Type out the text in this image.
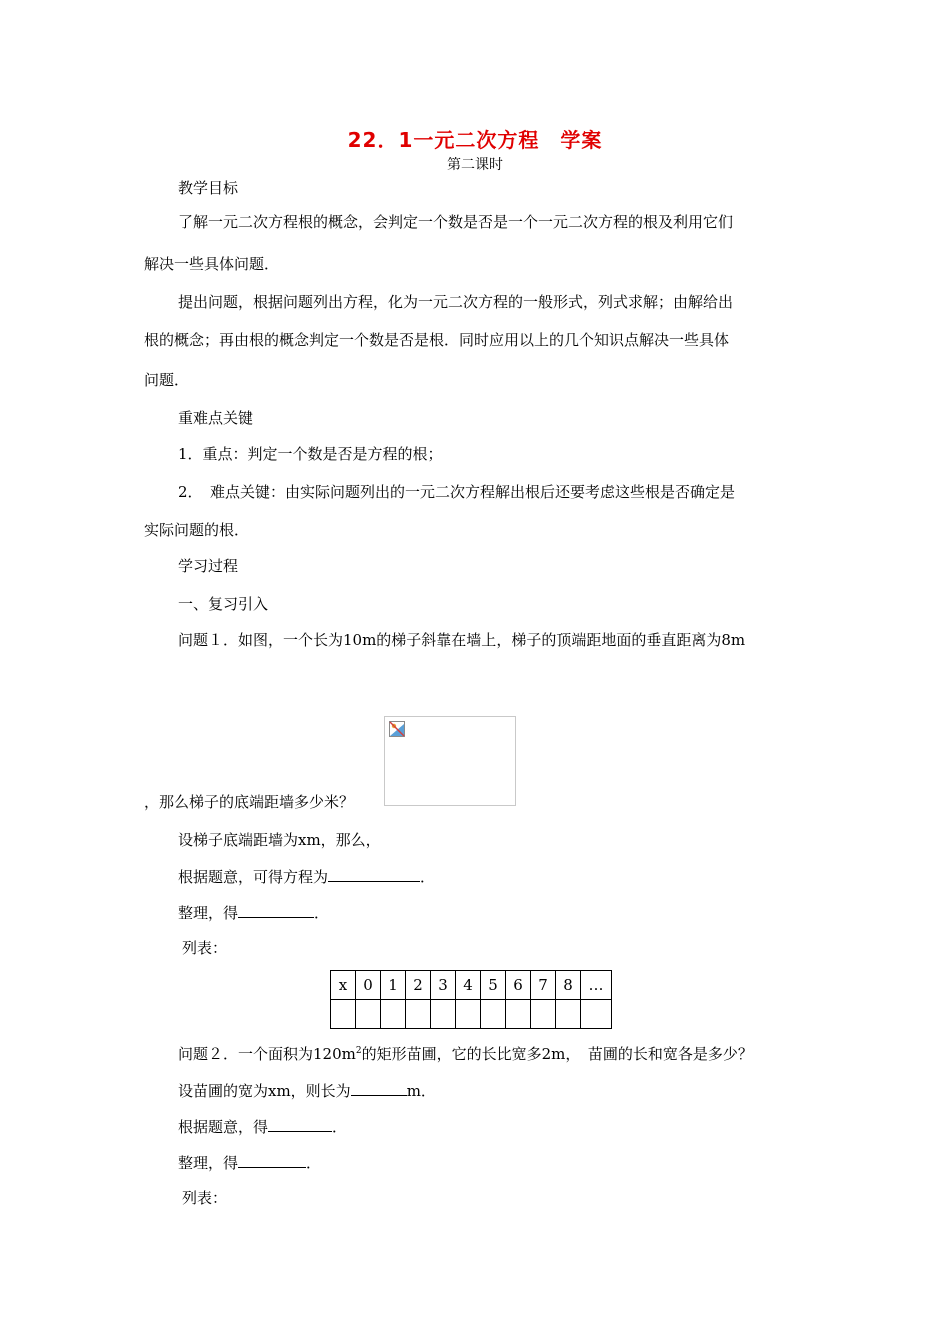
22．1一元二次方程　学案
第二课时
教学目标
了解一元二次方程根的概念，会判定一个数是否是一个一元二次方程的根及利用它们
解决一些具体问题．
提出问题，根据问题列出方程，化为一元二次方程的一般形式，列式求解；由解给出
根的概念；再由根的概念判定一个数是否是根．同时应用以上的几个知识点解决一些具体
问题．
重难点关键
1．重点：判定一个数是否是方程的根；
2．　难点关键：由实际问题列出的一元二次方程解出根后还要考虑这些根是否确定是
实际问题的根．
学习过程
一、复习引入
问题１．如图，一个长为10m的梯子斜靠在墙上，梯子的顶端距地面的垂直距离为8m
，那么梯子的底端距墙多少米？
设梯子底端距墙为xm，那么，
根据题意，可得方程为	．
整理，得	．
列表：
x	0	1	2	3	4	5	6	7	8	…

问题２．一个面积为$120m^2$的矩形苗圃，它的长比宽多2m，　苗圃的长和宽各是多少？
设苗圃的宽为xm，则长为	m．
根据题意，得	．
整理，得	．
列表：
